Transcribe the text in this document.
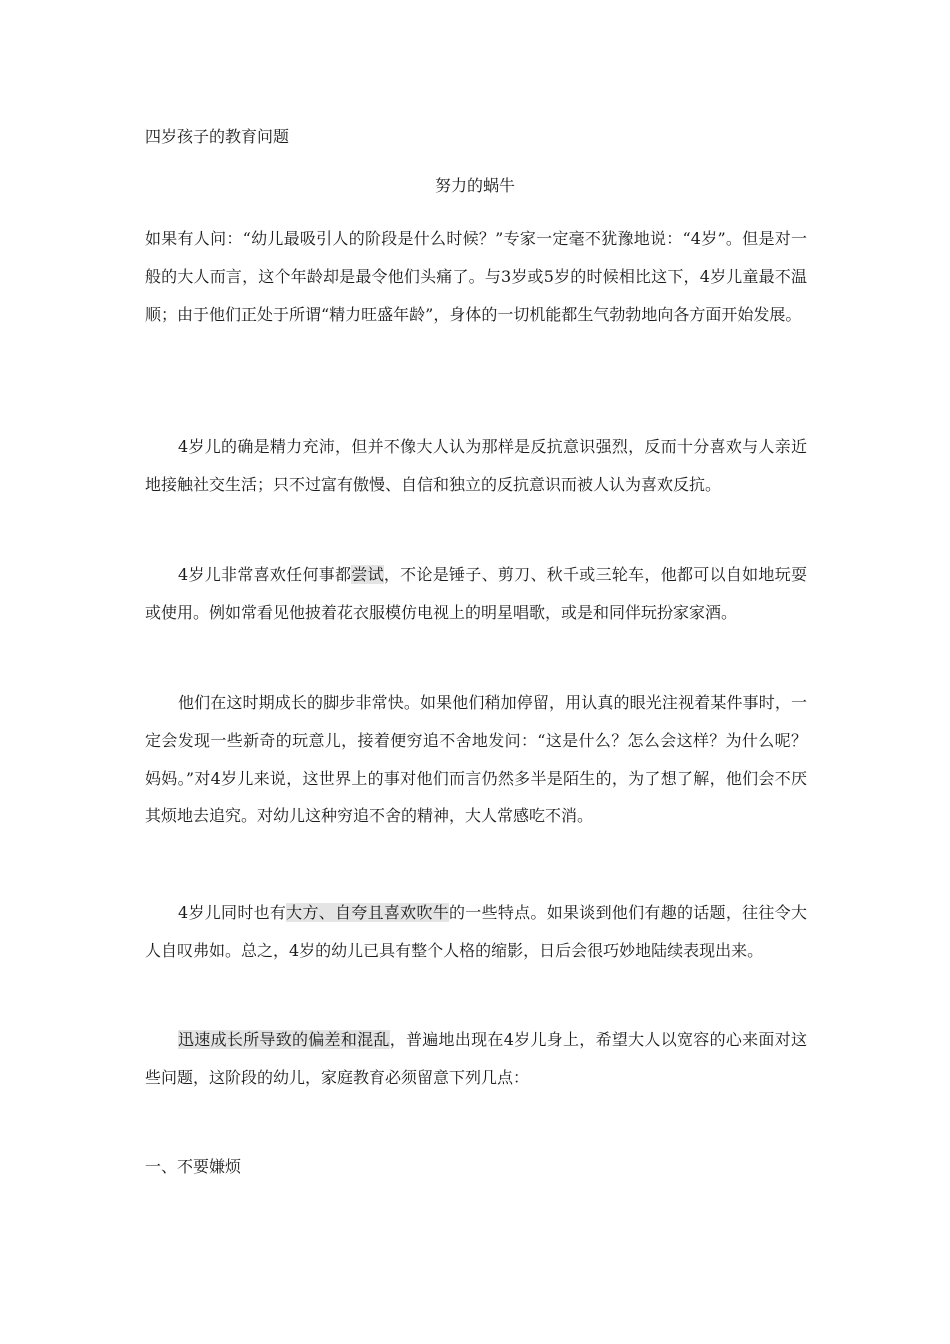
四岁孩子的教育问题
努力的蜗牛

如果有人问：“幼儿最吸引人的阶段是什么时候？”专家一定毫不犹豫地说：“4岁”。但是对一般的大人而言，这个年龄却是最令他们头痛了。与3岁或5岁的时候相比这下，4岁儿童最不温顺；由于他们正处于所谓“精力旺盛年龄”，身体的一切机能都生气勃勃地向各方面开始发展。

4岁儿的确是精力充沛，但并不像大人认为那样是反抗意识强烈，反而十分喜欢与人亲近地接触社交生活；只不过富有傲慢、自信和独立的反抗意识而被人认为喜欢反抗。

4岁儿非常喜欢任何事都尝试，不论是锤子、剪刀、秋千或三轮车，他都可以自如地玩耍或使用。例如常看见他披着花衣服模仿电视上的明星唱歌，或是和同伴玩扮家家酒。

他们在这时期成长的脚步非常快。如果他们稍加停留，用认真的眼光注视着某件事时，一定会发现一些新奇的玩意儿，接着便穷追不舍地发问：“这是什么？怎么会这样？为什么呢？妈妈。”对4岁儿来说，这世界上的事对他们而言仍然多半是陌生的，为了想了解，他们会不厌其烦地去追究。对幼儿这种穷追不舍的精神，大人常感吃不消。

4岁儿同时也有大方、自夸且喜欢吹牛的一些特点。如果谈到他们有趣的话题，往往令大人自叹弗如。总之，4岁的幼儿已具有整个人格的缩影，日后会很巧妙地陆续表现出来。

迅速成长所导致的偏差和混乱，普遍地出现在4岁儿身上，希望大人以宽容的心来面对这些问题，这阶段的幼儿，家庭教育必须留意下列几点：

一、不要嫌烦
